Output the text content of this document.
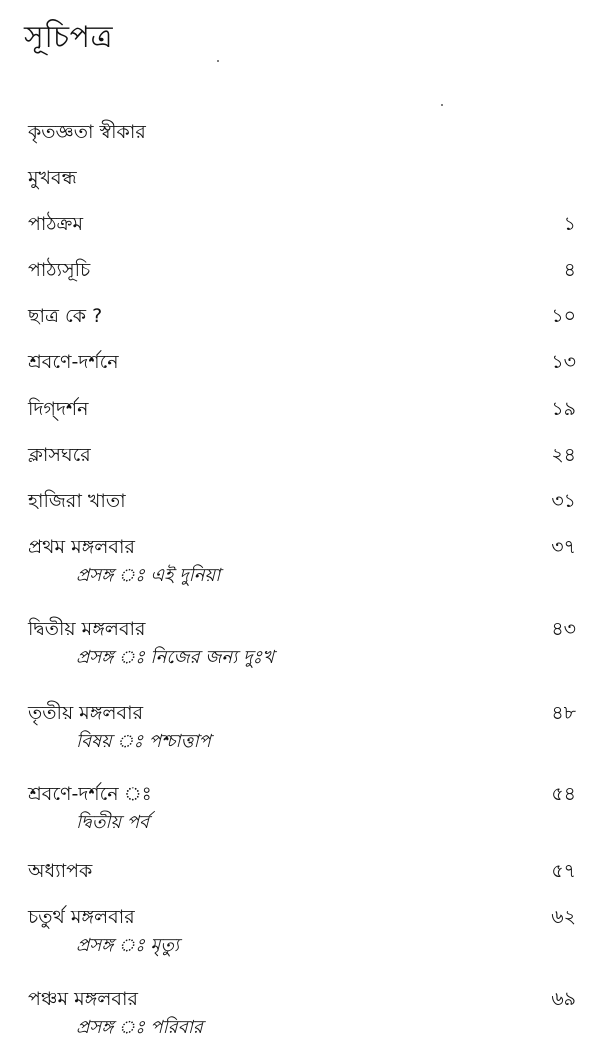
সূচিপত্র
কৃতজ্ঞতা স্বীকার
মুখবন্ধ
পাঠক্রম	১
পাঠ্যসূচি	৪
ছাত্র কে ?	১০
শ্রবণে-দর্শনে	১৩
দিগ্‌দর্শন	১৯
ক্লাসঘরে	২৪
হাজিরা খাতা	৩১
প্রথম মঙ্গলবার	৩৭
প্রসঙ্গ ঃ এই দুনিয়া
দ্বিতীয় মঙ্গলবার	৪৩
প্রসঙ্গ ঃ নিজের জন্য দুঃখ
তৃতীয় মঙ্গলবার	৪৮
বিষয় ঃ পশ্চাত্তাপ
শ্রবণে-দর্শনে ঃ	৫৪
দ্বিতীয় পর্ব
অধ্যাপক	৫৭
চতুর্থ মঙ্গলবার	৬২
প্রসঙ্গ ঃ মৃত্যু
পঞ্চম মঙ্গলবার	৬৯
প্রসঙ্গ ঃ পরিবার
